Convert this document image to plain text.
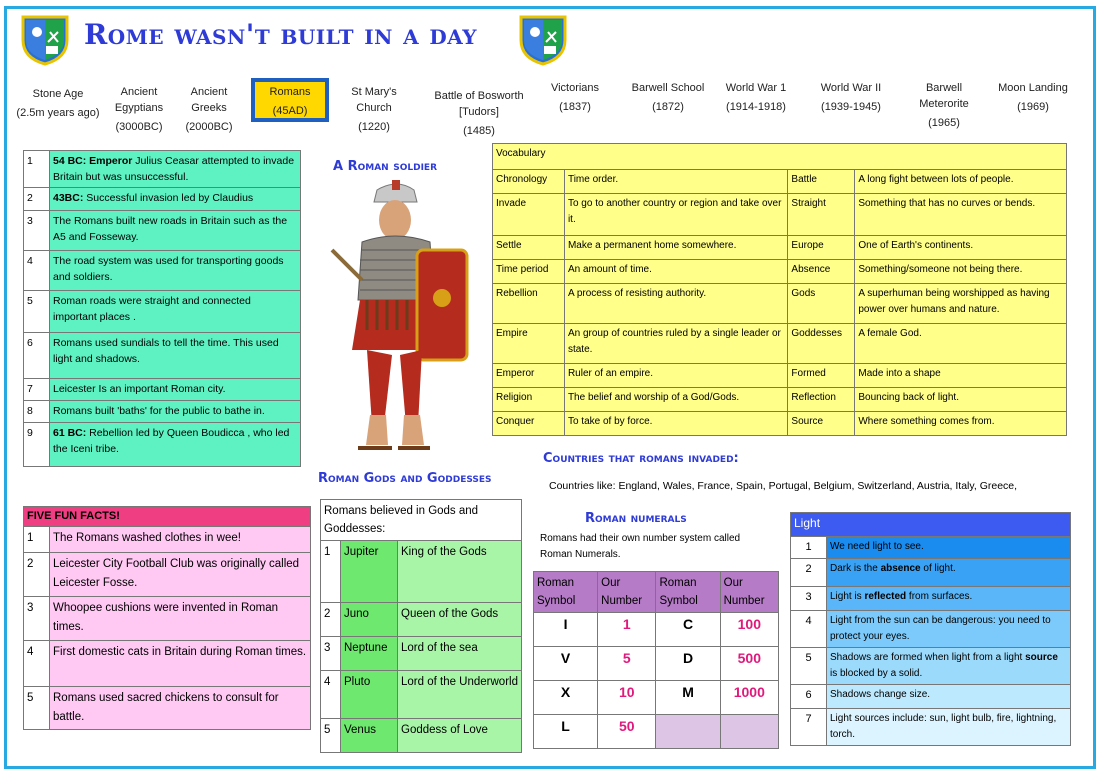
Rome wasn't built in a day
Stone Age
(2.5m years ago)
Ancient Egyptians
(3000BC)
Ancient Greeks
(2000BC)
Romans
(45AD)
St Mary's Church
(1220)
Battle of Bosworth [Tudors]
(1485)
Victorians
(1837)
Barwell School
(1872)
World War 1
(1914-1918)
World War II
(1939-1945)
Barwell Meterorite
(1965)
Moon Landing
(1969)
1	54 BC: Emperor Julius Ceasar attempted to invade Britain but was unsuccessful.
2	43BC: Successful invasion led by Claudius
3	The Romans built new roads in Britain such as the A5 and Fosseway.
4	The road system was used for transporting goods and soldiers.
5	Roman roads were straight and connected important places .
6	Romans used sundials to tell the time. This used light and shadows.
7	Leicester Is an important Roman city.
8	Romans built 'baths' for the public to bathe in.
9	61 BC: Rebellion led by Queen Boudicca , who led the Iceni tribe.
A Roman soldier
Vocabulary			
Chronology	Time order.	Battle	A long fight between lots of people.
Invade	To go to another country or region and take over it.	Straight	Something that has no curves or bends.
Settle	Make a permanent home somewhere.	Europe	One of Earth's continents.
Time period	An amount of time.	Absence	Something/someone not being there.
Rebellion	A process of resisting authority.	Gods	A superhuman being worshipped as having power over humans and nature.
Empire	An group of countries ruled by a single leader or state.	Goddesses	A female God.
Emperor	Ruler of an empire.	Formed	Made into a shape
Religion	The belief and worship of a God/Gods.	Reflection	Bouncing back of light.
Conquer	To take of by force.	Source	Where something comes from.
Countries that romans invaded:
Countries like: England, Wales, France, Spain, Portugal, Belgium, Switzerland, Austria, Italy, Greece,
FIVE FUN FACTS!	
1	The Romans washed clothes in wee!
2	Leicester City Football Club was originally called Leicester Fosse.
3	Whoopee cushions were invented in Roman times.
4	First domestic cats in Britain during Roman times.
5	Romans used sacred chickens to consult for battle.
Roman Gods and Goddesses
Romans believed in Gods and Goddesses:		
1	Jupiter	King of the Gods
2	Juno	Queen of the Gods
3	Neptune	Lord of the sea
4	Pluto	Lord of the Underworld
5	Venus	Goddess of Love
Roman numerals
Romans had their own number system called Roman Numerals.
Roman Symbol	Our Number	Roman Symbol	Our Number
I	1	C	100
V	5	D	500
X	10	M	1000
L	50		
Light	
1	We need light to see.
2	Dark is the absence of light.
3	Light is reflected from surfaces.
4	Light from the sun can be dangerous: you need to protect your eyes.
5	Shadows are formed when light from a light source is blocked by a solid.
6	Shadows change size.
7	Light sources include: sun, light bulb, fire, lightning, torch.
